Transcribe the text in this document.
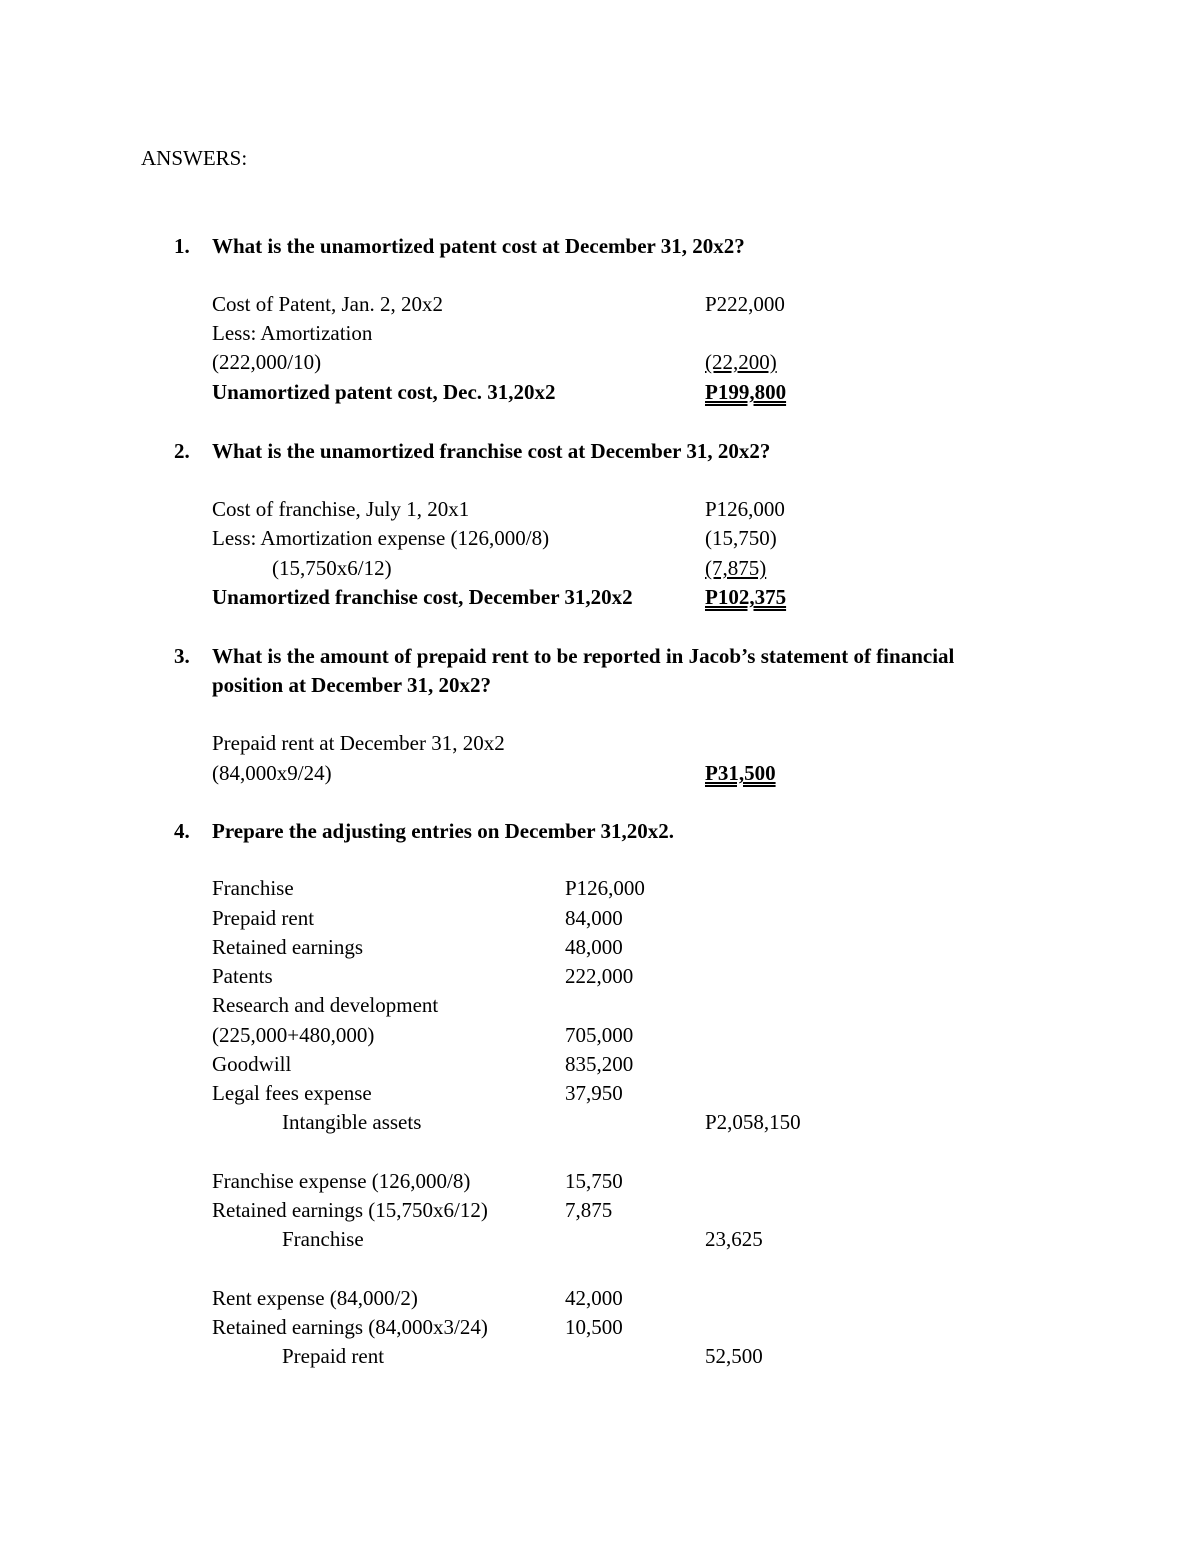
ANSWERS:
1. What is the unamortized patent cost at December 31, 20x2?
Cost of Patent, Jan. 2, 20x2	P222,000
Less: Amortization
(222,000/10)	(22,200)
Unamortized patent cost, Dec. 31,20x2	P199,800
2. What is the unamortized franchise cost at December 31, 20x2?
Cost of franchise, July 1, 20x1	P126,000
Less: Amortization expense (126,000/8)	(15,750)
(15,750x6/12)	(7,875)
Unamortized franchise cost, December 31,20x2	P102,375
3. What is the amount of prepaid rent to be reported in Jacob’s statement of financial
position at December 31, 20x2?
Prepaid rent at December 31, 20x2
(84,000x9/24)	P31,500
4. Prepare the adjusting entries on December 31,20x2.
Franchise	P126,000
Prepaid rent	84,000
Retained earnings	48,000
Patents	222,000
Research and development
(225,000+480,000)	705,000
Goodwill	835,200
Legal fees expense	37,950
Intangible assets	P2,058,150
Franchise expense (126,000/8)	15,750
Retained earnings (15,750x6/12)	7,875
Franchise	23,625
Rent expense (84,000/2)	42,000
Retained earnings (84,000x3/24)	10,500
Prepaid rent	52,500
